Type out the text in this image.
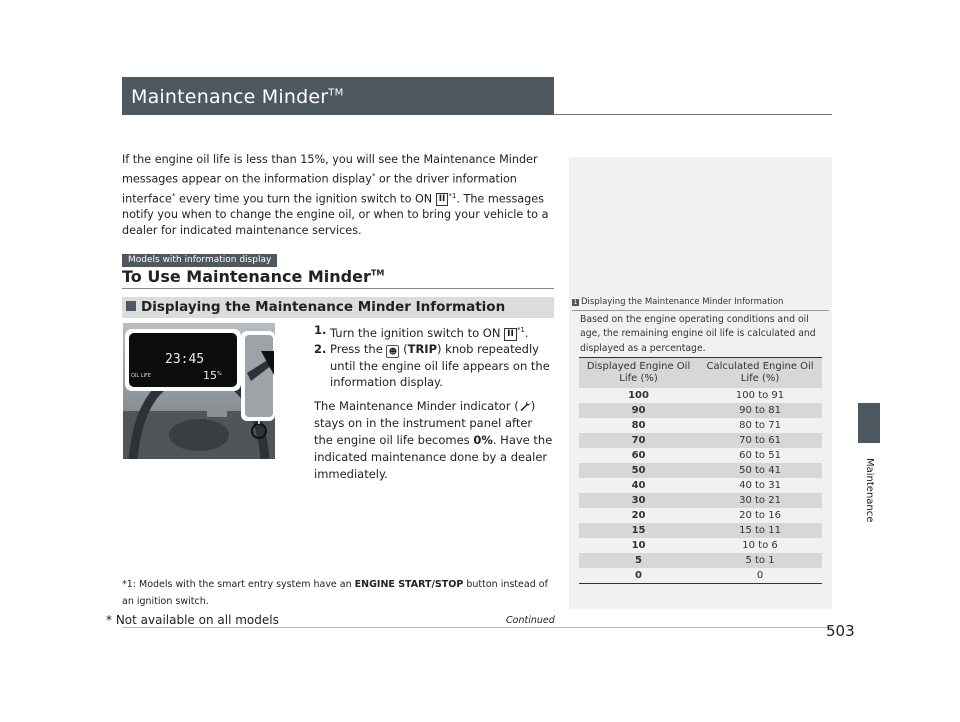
Maintenance Minder™
If the engine oil life is less than 15%, you will see the Maintenance Minder messages appear on the information display* or the driver information interface* every time you turn the ignition switch to ON II $^{*1}$. The messages notify you when to change the engine oil, or when to bring your vehicle to a dealer for indicated maintenance services.
Models with information display
To Use Maintenance Minder™
Displaying the Maintenance Minder Information
OIL LIFE
23:45
15 %
1. Turn the ignition switch to ON II $^{*1}$.
2. Press the ☻ (TRIP) knob repeatedly until the engine oil life appears on the information display.
The Maintenance Minder indicator ( ) stays on in the instrument panel after the engine oil life becomes 0%. Have the indicated maintenance done by a dealer immediately.
*1: Models with the smart entry system have an ENGINE START/STOP button instead of an ignition switch.
1 Displaying the Maintenance Minder Information
Based on the engine operating conditions and oil age, the remaining engine oil life is calculated and displayed as a percentage.
Displayed Engine Oil Life (%)	Calculated Engine Oil Life (%)
100	100 to 91
90	90 to 81
80	80 to 71
70	70 to 61
60	60 to 51
50	50 to 41
40	40 to 31
30	30 to 21
20	20 to 16
15	15 to 11
10	10 to 6
5	5 to 1
0	0
Maintenance
Continued
* Not available on all models
503
